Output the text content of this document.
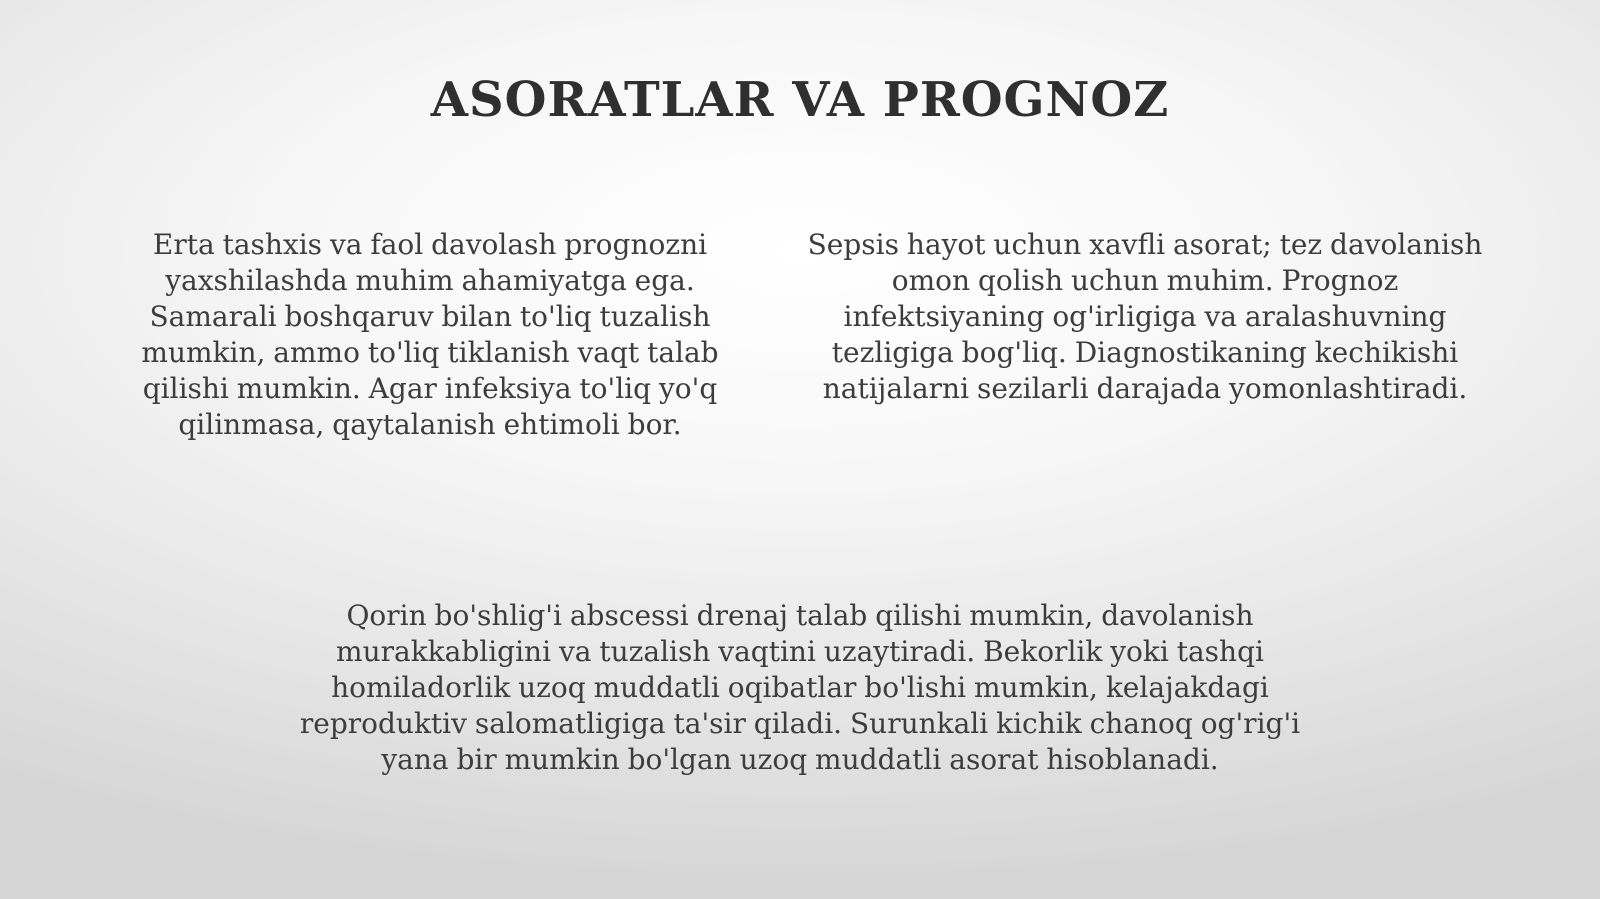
ASORATLAR VA PROGNOZ

Erta tashxis va faol davolash prognozni yaxshilashda muhim ahamiyatga ega. Samarali boshqaruv bilan to'liq tuzalish mumkin, ammo to'liq tiklanish vaqt talab qilishi mumkin. Agar infeksiya to'liq yo'q qilinmasa, qaytalanish ehtimoli bor.

Sepsis hayot uchun xavfli asorat; tez davolanish omon qolish uchun muhim. Prognoz infektsiyaning og'irligiga va aralashuvning tezligiga bog'liq. Diagnostikaning kechikishi natijalarni sezilarli darajada yomonlashtiradi.

Qorin bo'shlig'i abscessi drenaj talab qilishi mumkin, davolanish murakkabligini va tuzalish vaqtini uzaytiradi. Bekorlik yoki tashqi homiladorlik uzoq muddatli oqibatlar bo'lishi mumkin, kelajakdagi reproduktiv salomatligiga ta'sir qiladi. Surunkali kichik chanoq og'rig'i yana bir mumkin bo'lgan uzoq muddatli asorat hisoblanadi.
